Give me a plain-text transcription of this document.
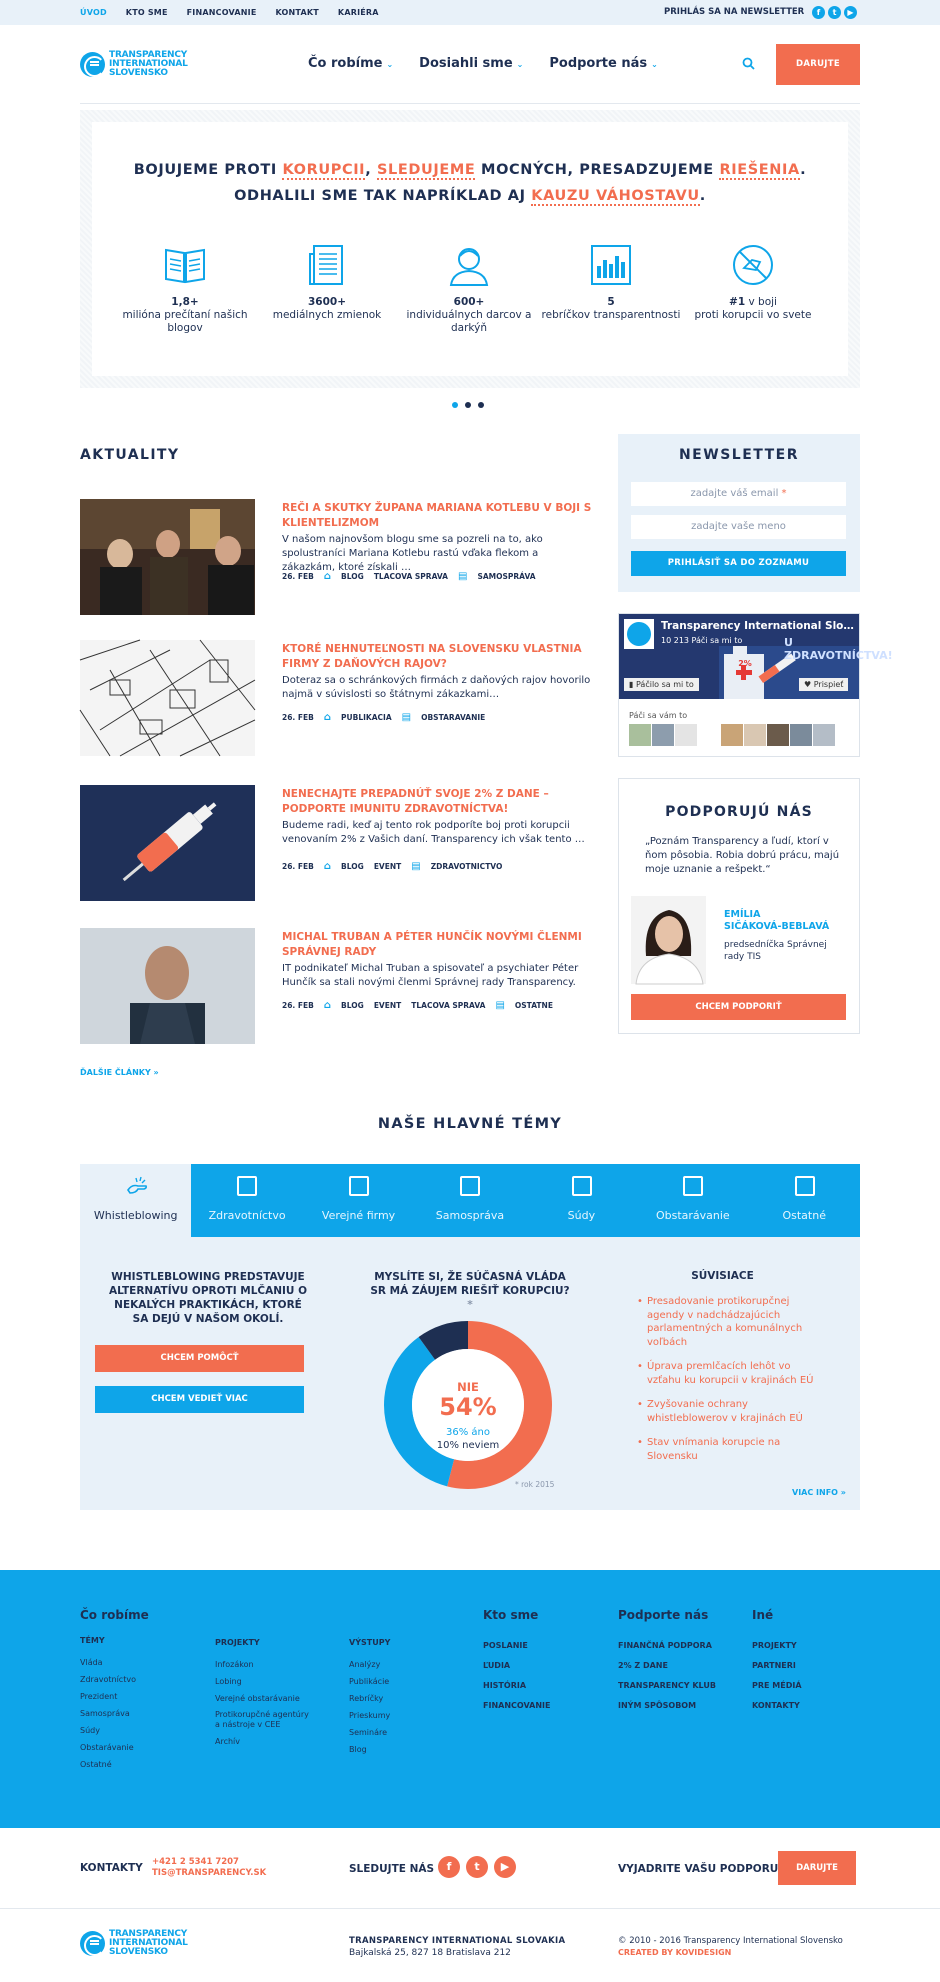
ÚVOD KTO SME FINANCOVANIE KONTAKT KARIÉRA	PRIHLÁS SA NA NEWSLETTER	f	t	▶
TRANSPARENCY
INTERNATIONAL
SLOVENSKO
Čo robíme ⌄ Dosiahli sme ⌄ Podporte nás ⌄	DARUJTE
BOJUJEME PROTI KORUPCII, SLEDUJEME MOCNÝCH, PRESADZUJEME RIEŠENIA.
ODHALILI SME TAK NAPRÍKLAD AJ KAUZU VÁHOSTAVU.
1,8+
milióna prečítaní našich blogov
3600+
mediálnych zmienok
600+
individuálnych darcov a darkýň
5
rebríčkov transparentnosti
#1 v boji
proti korupcii vo svete
AKTUALITY
REČI A SKUTKY ŽUPANA MARIANA KOTLEBU V BOJI S KLIENTELIZMOM
V našom najnovšom blogu sme sa pozreli na to, ako spolustraníci Mariana Kotlebu rastú vďaka flekom a zákazkám, ktoré získali …
26. FEB ⌂ BLOG TLACOVA SPRAVA ▤ SAMOSPRÁVA
KTORÉ NEHNUTEĽNOSTI NA SLOVENSKU VLASTNIA FIRMY Z DAŇOVÝCH RAJOV?
Doteraz sa o schránkových firmách z daňových rajov hovorilo najmä v súvislosti so štátnymi zákazkami…
26. FEB ⌂ PUBLIKACIA ▤ OBSTARAVANIE
NENECHAJTE PREPADNÚŤ SVOJE 2% Z DANE – PODPORTE IMUNITU ZDRAVOTNÍCTVA!
Budeme radi, keď aj tento rok podporíte boj proti korupcii venovaním 2% z Vašich daní. Transparency ich však tento …
26. FEB ⌂ BLOG EVENT ▤ ZDRAVOTNICTVO
MICHAL TRUBAN A PÉTER HUNČÍK NOVÝMI ČLENMI SPRÁVNEJ RADY
IT podnikateľ Michal Truban a spisovateľ a psychiater Péter Hunčík sa stali novými členmi Správnej rady Transparency.
26. FEB ⌂ BLOG EVENT TLACOVA SPRAVA ▤ OSTATNE
ĎALŠIE ČLÁNKY »
NEWSLETTER
zadajte váš email *
zadajte vaše meno
PRIHLÁSIŤ SA DO ZOZNAMU
Transparency International Slo…
10 213 Páči sa mi to	U ZDRAVOTNÍCTVA!
2%
▮ Páčilo sa mi to	♥ Prispieť
Páči sa vám to
PODPORUJÚ NÁS
„Poznám Transparency a ľudí, ktorí v ňom pôsobia. Robia dobrú prácu, majú moje uznanie a rešpekt.“
EMÍLIA
SIČÁKOVÁ-BEBLAVÁ
predsedníčka Správnej rady TIS
CHCEM PODPORIŤ
NAŠE HLAVNÉ TÉMY
Whistleblowing	Zdravotníctvo	Verejné firmy	Samospráva	Súdy	Obstarávanie	Ostatné
WHISTLEBLOWING PREDSTAVUJE ALTERNATÍVU OPROTI MLČANIU O NEKALÝCH PRAKTIKÁCH, KTORÉ SA DEJÚ V NAŠOM OKOLÍ.
CHCEM POMÔCŤ
CHCEM VEDIEŤ VIAC
MYSLÍTE SI, ŽE SÚČASNÁ VLÁDA SR MÁ ZÁUJEM RIEŠIŤ KORUPCIU? *
NIE
54%
36% áno
10% neviem
* rok 2015
SÚVISIACE
• Presadovanie protikorupčnej agendy v nadchádzajúcich parlamentných a komunálnych voľbách
• Úprava premlčacích lehôt vo vzťahu ku korupcii v krajinách EÚ
• Zvyšovanie ochrany whistleblowerov v krajinách EÚ
• Stav vnímania korupcie na Slovensku
VIAC INFO »
Čo robíme
TÉMY
Vláda
Zdravotníctvo
Prezident
Samospráva
Súdy
Obstarávanie
Ostatné
PROJEKTY
Infozákon
Lobing
Verejné obstarávanie
Protikorupčné agentúry
a nástroje v CEE
Archív
VÝSTUPY
Analýzy
Publikácie
Rebríčky
Prieskumy
Semináre
Blog
Kto sme
POSLANIE
ĽUDIA
HISTÓRIA
FINANCOVANIE
Podporte nás
FINANČNÁ PODPORA
2% Z DANE
TRANSPARENCY KLUB
INÝM SPÔSOBOM
Iné
PROJEKTY
PARTNERI
PRE MÉDIÁ
KONTAKTY
KONTAKTY +421 2 5341 7207
TIS@TRANSPARENCY.SK	SLEDUJTE NÁS	f	t	▶	VYJADRITE VAŠU PODPORU	DARUJTE
TRANSPARENCY
INTERNATIONAL
SLOVENSKO
TRANSPARENCY INTERNATIONAL SLOVAKIA
Bajkalská 25, 827 18 Bratislava 212
© 2010 - 2016 Transparency International Slovensko
CREATED BY KOVIDESIGN
